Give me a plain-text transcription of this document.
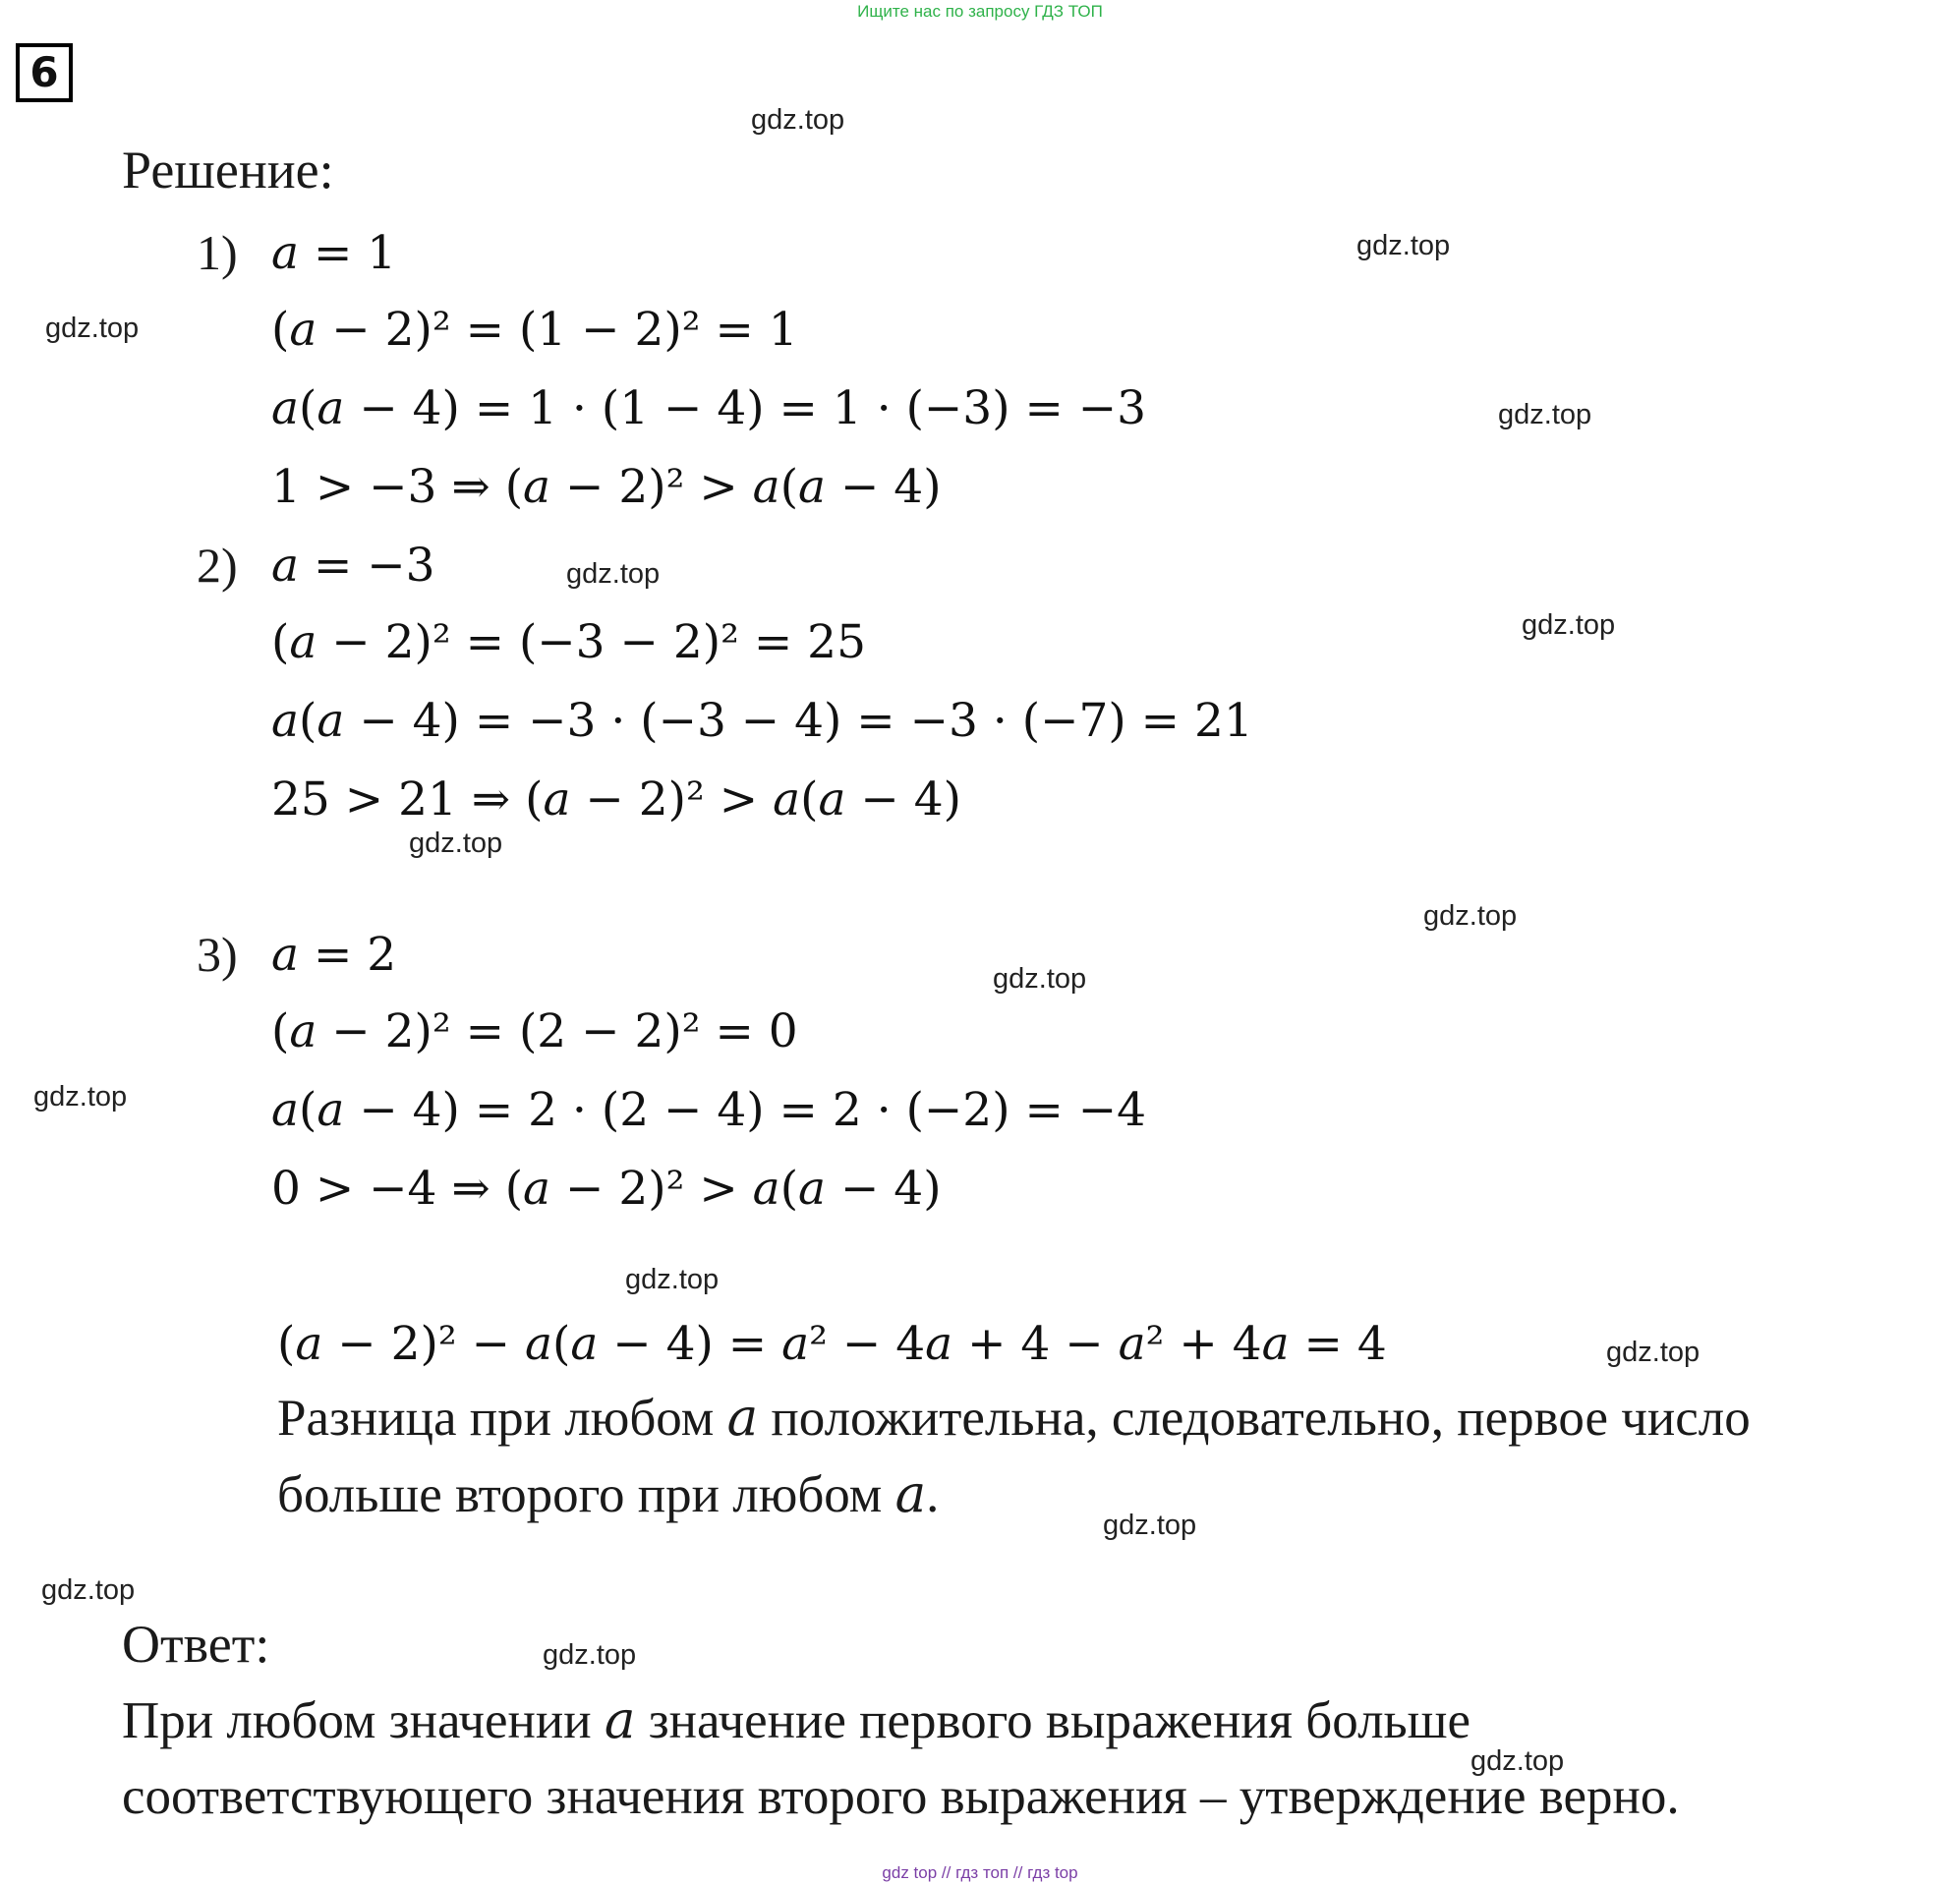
Ищите нас по запросу ГДЗ ТОП
6
Решение:
1) 𝑎 = 1
(𝑎 − 2)² = (1 − 2)² = 1
𝑎(𝑎 − 4) = 1 · (1 − 4) = 1 · (−3) = −3
1 > −3 ⇒ (𝑎 − 2)² > 𝑎(𝑎 − 4)
2) 𝑎 = −3
(𝑎 − 2)² = (−3 − 2)² = 25
𝑎(𝑎 − 4) = −3 · (−3 − 4) = −3 · (−7) = 21
25 > 21 ⇒ (𝑎 − 2)² > 𝑎(𝑎 − 4)
3) 𝑎 = 2
(𝑎 − 2)² = (2 − 2)² = 0
𝑎(𝑎 − 4) = 2 · (2 − 4) = 2 · (−2) = −4
0 > −4 ⇒ (𝑎 − 2)² > 𝑎(𝑎 − 4)
(𝑎 − 2)² − 𝑎(𝑎 − 4) = 𝑎² − 4𝑎 + 4 − 𝑎² + 4𝑎 = 4
Разница при любом 𝑎 положительна, следовательно, первое число
больше второго при любом 𝑎.
Ответ:
При любом значении 𝑎 значение первого выражения больше
соответствующего значения второго выражения – утверждение верно.
gdz.top
gdz.top
gdz.top
gdz.top
gdz.top
gdz.top
gdz.top
gdz.top
gdz.top
gdz.top
gdz.top
gdz.top
gdz.top
gdz.top
gdz.top
gdz.top
gdz top // гдз топ // гдз top
